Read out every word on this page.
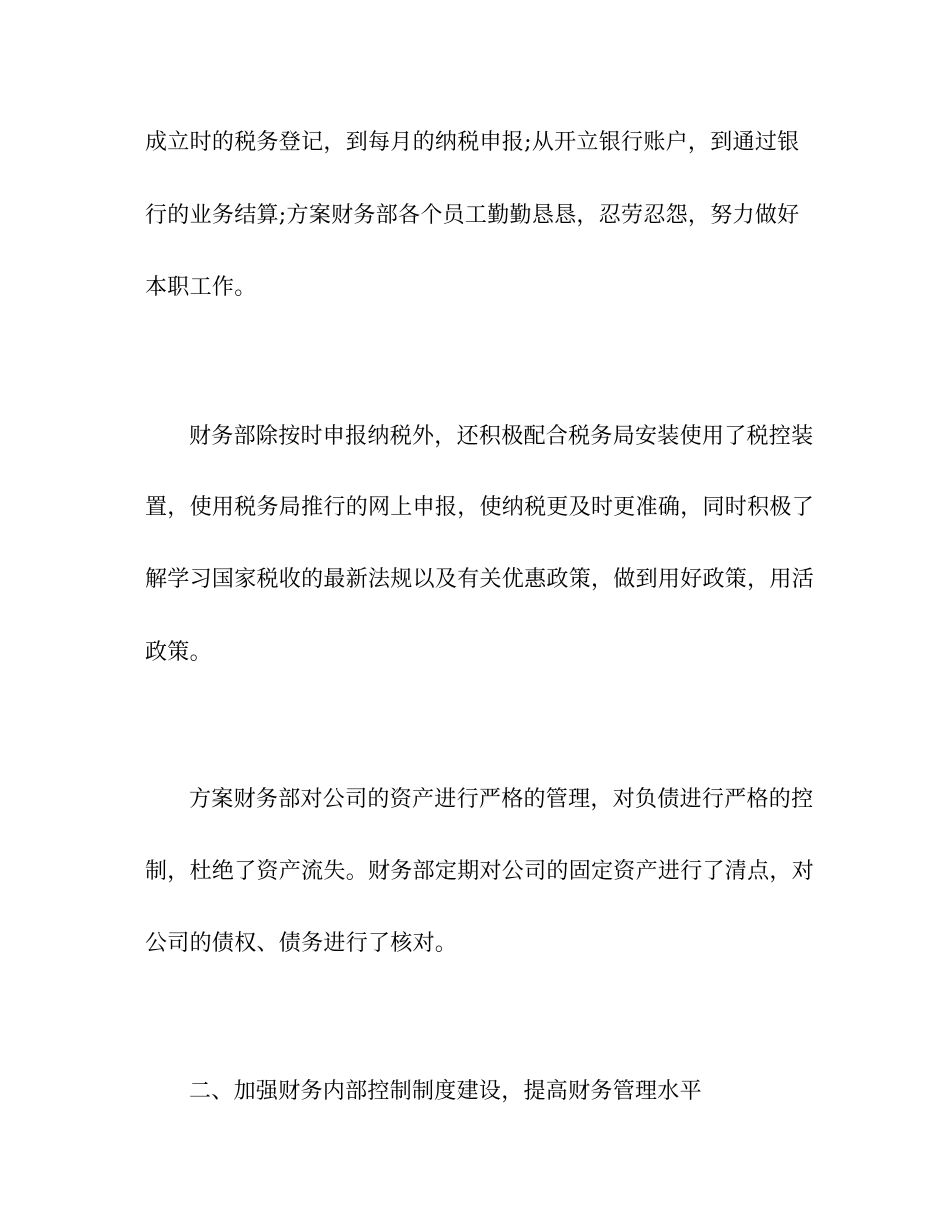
成立时的税务登记，到每月的纳税申报;从开立银行账户，到通过银
行的业务结算;方案财务部各个员工勤勤恳恳，忍劳忍怨，努力做好
本职工作。
财务部除按时申报纳税外，还积极配合税务局安装使用了税控装
置，使用税务局推行的网上申报，使纳税更及时更准确，同时积极了
解学习国家税收的最新法规以及有关优惠政策，做到用好政策，用活
政策。
方案财务部对公司的资产进行严格的管理，对负债进行严格的控
制，杜绝了资产流失。财务部定期对公司的固定资产进行了清点，对
公司的债权、债务进行了核对。
二、加强财务内部控制制度建设，提高财务管理水平
